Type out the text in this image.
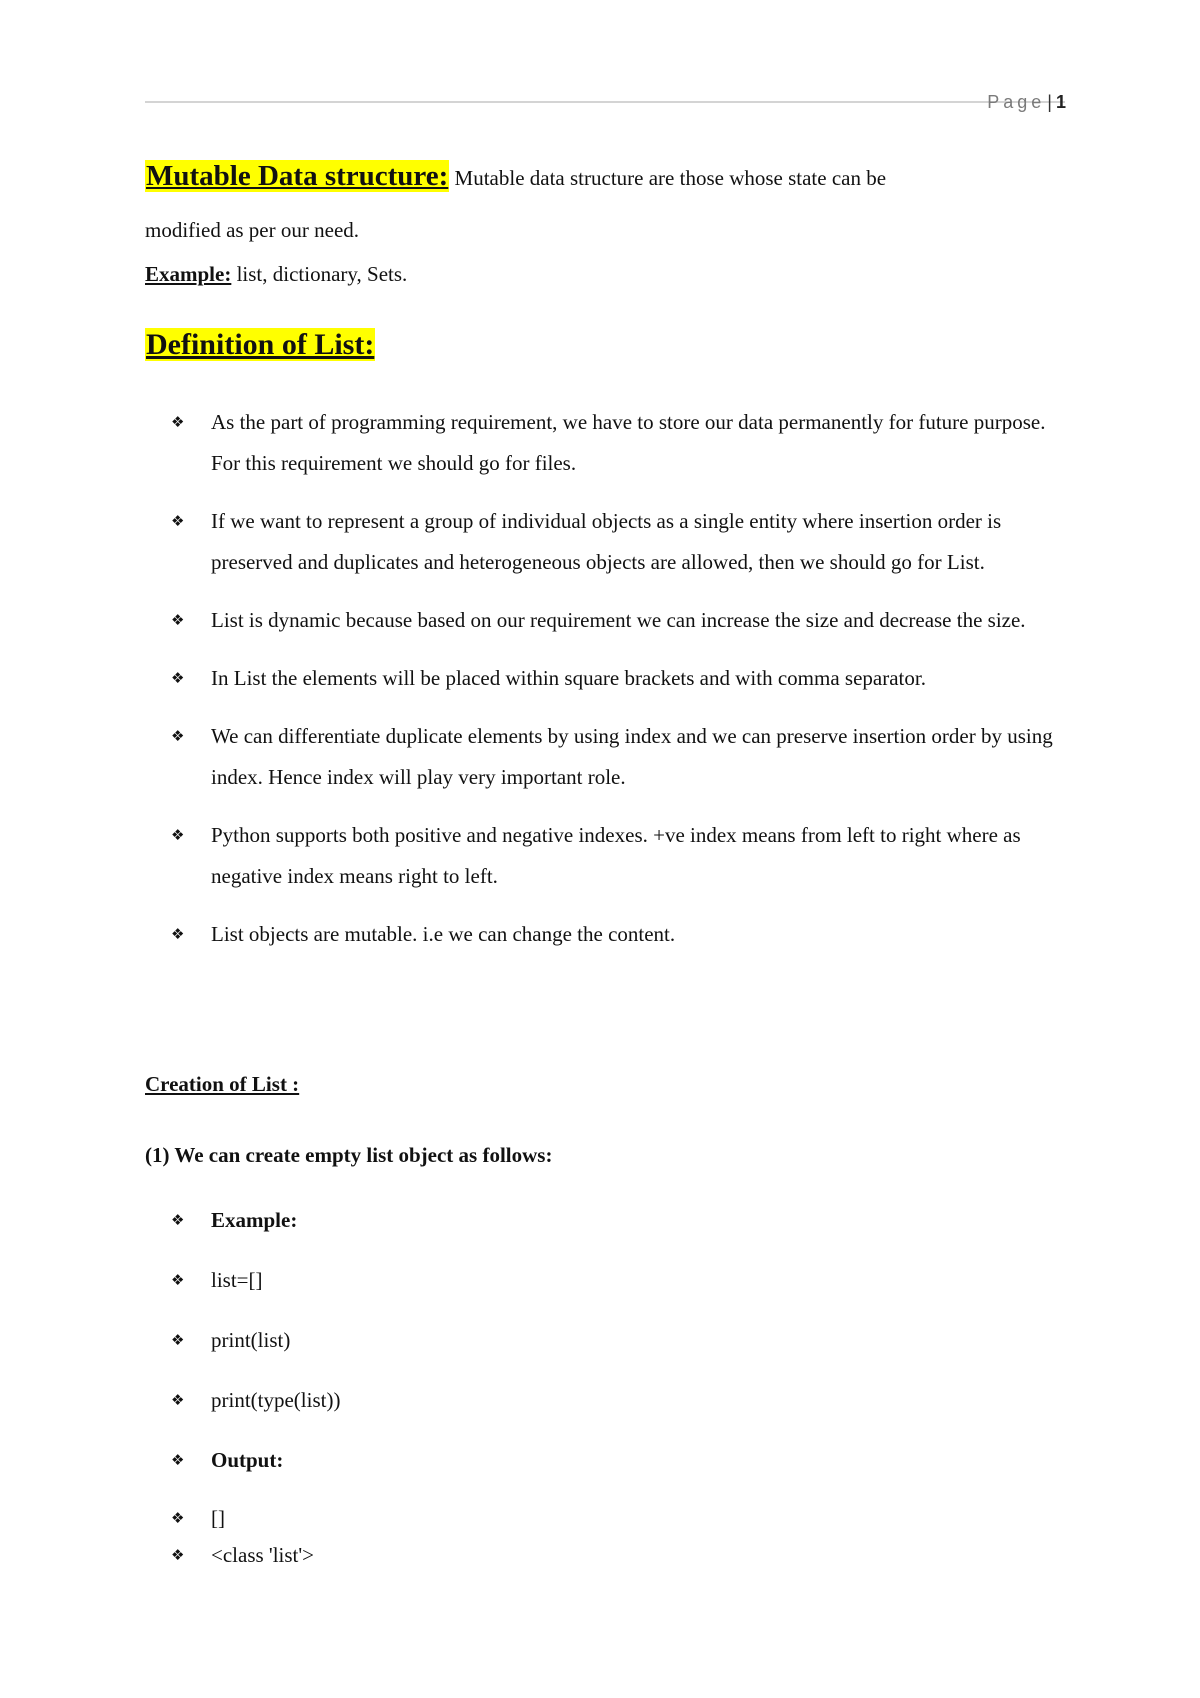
Page | 1
Mutable Data structure: Mutable data structure are those whose state can be
modified as per our need.
Example: list, dictionary, Sets.
Definition of List:
❖ As the part of programming requirement, we have to store our data permanently for future purpose. For this requirement we should go for files.
❖ If we want to represent a group of individual objects as a single entity where insertion order is preserved and duplicates and heterogeneous objects are allowed, then we should go for List.
❖ List is dynamic because based on our requirement we can increase the size and decrease the size.
❖ In List the elements will be placed within square brackets and with comma separator.
❖ We can differentiate duplicate elements by using index and we can preserve insertion order by using index. Hence index will play very important role.
❖ Python supports both positive and negative indexes. +ve index means from left to right where as negative index means right to left.
❖ List objects are mutable. i.e we can change the content.
Creation of List :
(1) We can create empty list object as follows:
❖ Example:
❖ list=[]
❖ print(list)
❖ print(type(list))
❖ Output:
❖ []
❖ <class 'list'>
